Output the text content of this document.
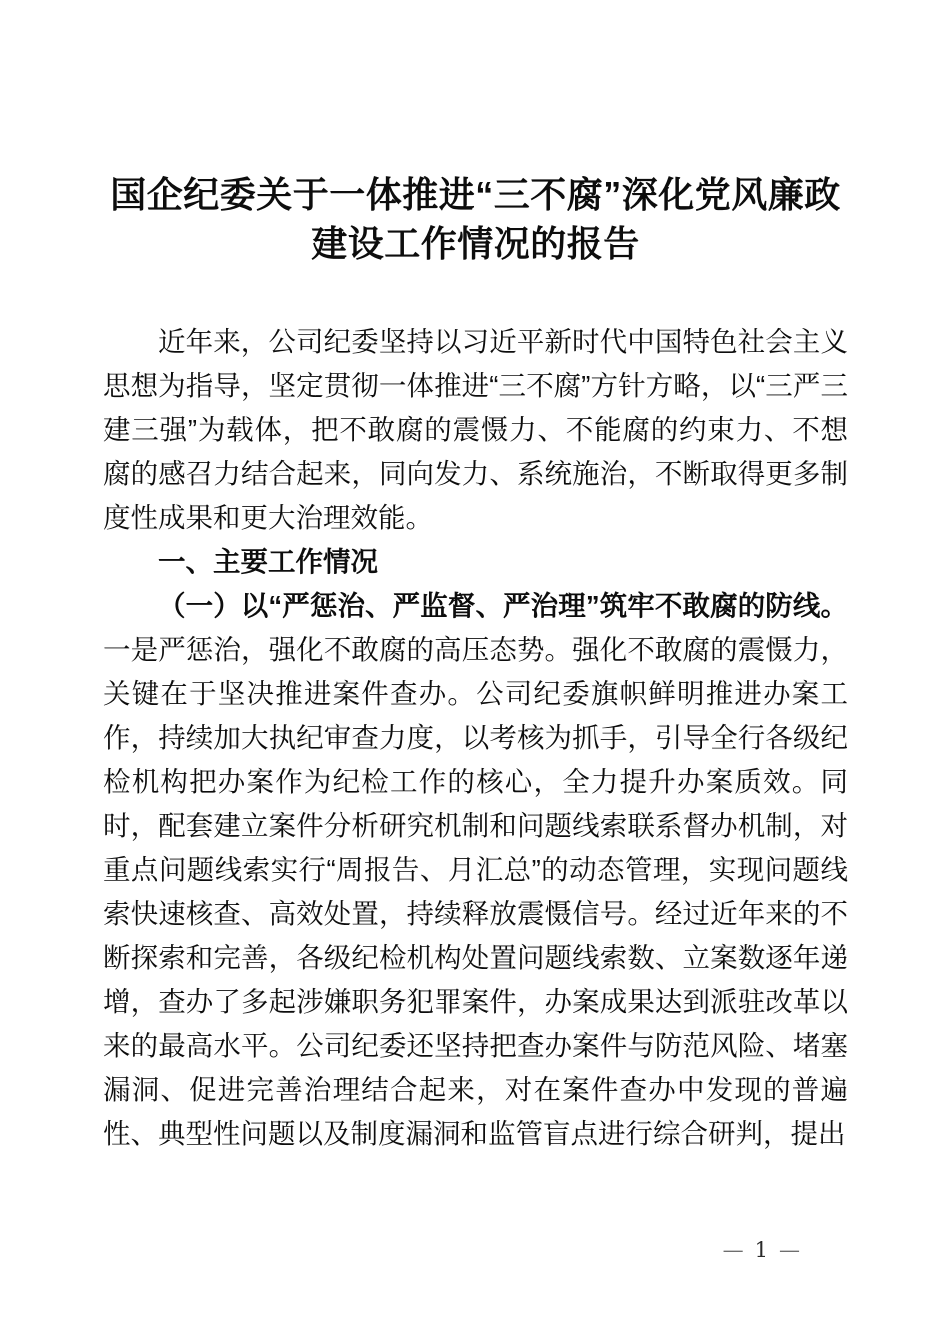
国企纪委关于一体推进“三不腐”深化党风廉政建设工作情况的报告

近年来，公司纪委坚持以习近平新时代中国特色社会主义思想为指导，坚定贯彻一体推进“三不腐”方针方略，以“三严三建三强”为载体，把不敢腐的震慑力、不能腐的约束力、不想腐的感召力结合起来，同向发力、系统施治，不断取得更多制度性成果和更大治理效能。

一、主要工作情况

（一）以“严惩治、严监督、严治理”筑牢不敢腐的防线。一是严惩治，强化不敢腐的高压态势。强化不敢腐的震慑力，关键在于坚决推进案件查办。公司纪委旗帜鲜明推进办案工作，持续加大执纪审查力度，以考核为抓手，引导全行各级纪检机构把办案作为纪检工作的核心，全力提升办案质效。同时，配套建立案件分析研究机制和问题线索联系督办机制，对重点问题线索实行“周报告、月汇总”的动态管理，实现问题线索快速核查、高效处置，持续释放震慑信号。经过近年来的不断探索和完善，各级纪检机构处置问题线索数、立案数逐年递增，查办了多起涉嫌职务犯罪案件，办案成果达到派驻改革以来的最高水平。公司纪委还坚持把查办案件与防范风险、堵塞漏洞、促进完善治理结合起来，对在案件查办中发现的普遍性、典型性问题以及制度漏洞和监管盲点进行综合研判，提出

— 1 —
